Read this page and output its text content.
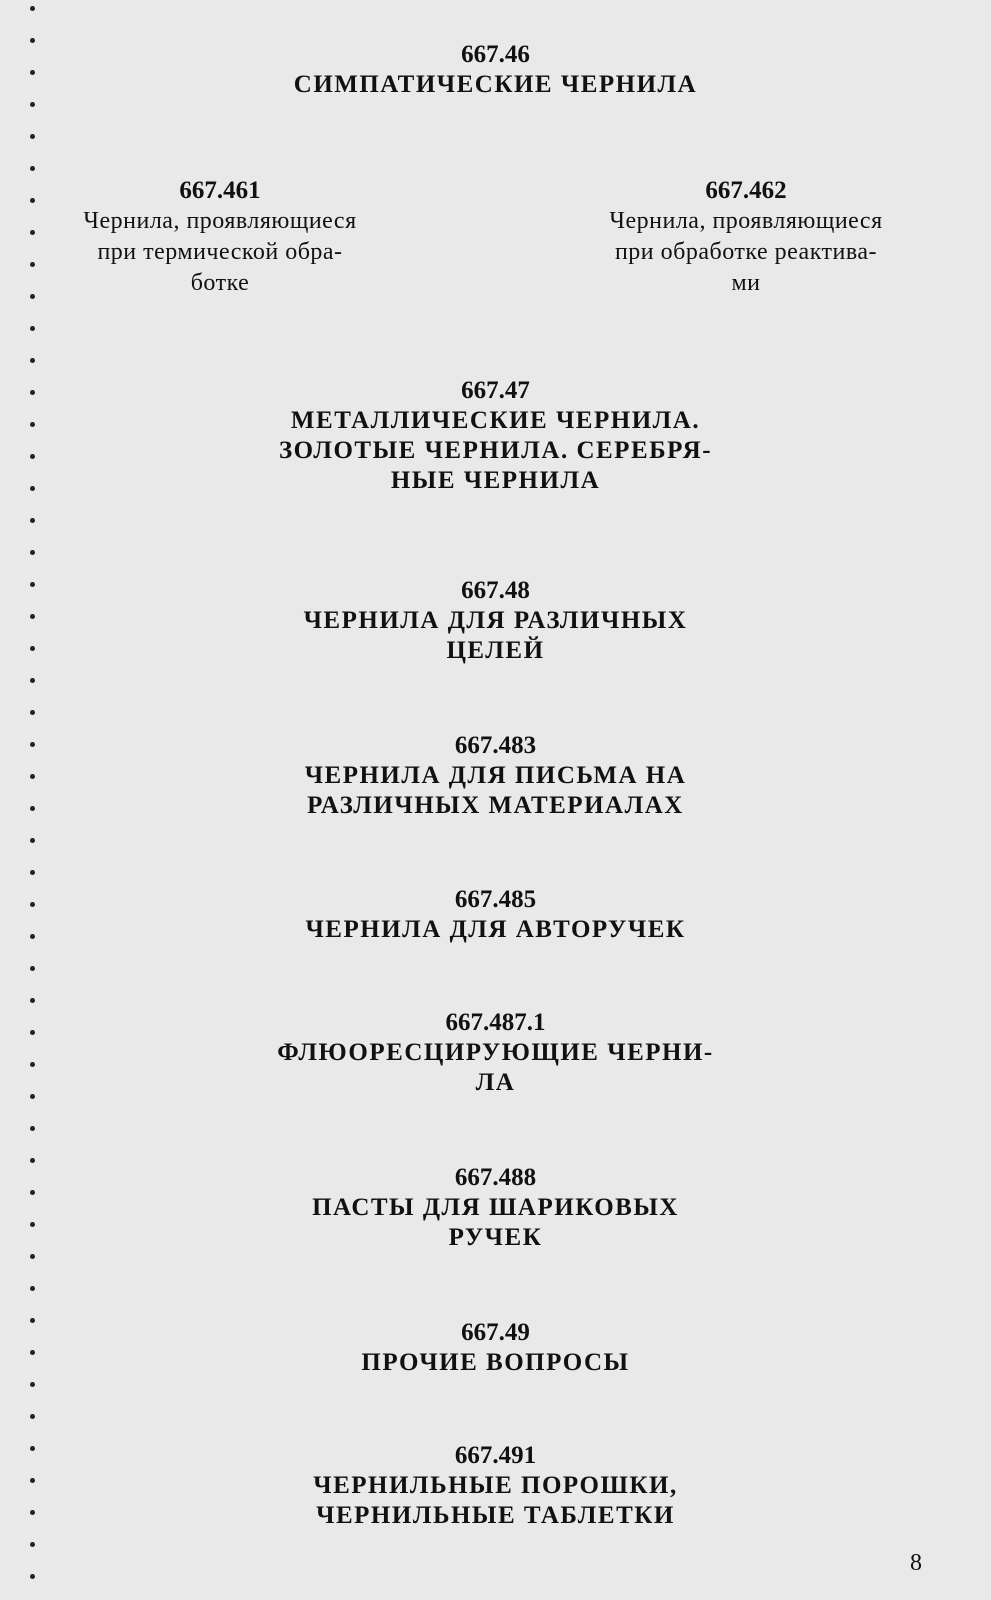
667.46
СИМПАТИЧЕСКИЕ ЧЕРНИЛА
667.461
Чернила, проявляющиеся
при термической обра-
ботке
667.462
Чернила, проявляющиеся
при обработке реактива-
ми
667.47
МЕТАЛЛИЧЕСКИЕ ЧЕРНИЛА.
ЗОЛОТЫЕ ЧЕРНИЛА. СЕРЕБРЯ-
НЫЕ ЧЕРНИЛА
667.48
ЧЕРНИЛА ДЛЯ РАЗЛИЧНЫХ
ЦЕЛЕЙ
667.483
ЧЕРНИЛА ДЛЯ ПИСЬМА НА
РАЗЛИЧНЫХ МАТЕРИАЛАХ
667.485
ЧЕРНИЛА ДЛЯ АВТОРУЧЕК
667.487.1
ФЛЮОРЕСЦИРУЮЩИЕ ЧЕРНИ-
ЛА
667.488
ПАСТЫ ДЛЯ ШАРИКОВЫХ
РУЧЕК
667.49
ПРОЧИЕ ВОПРОСЫ
667.491
ЧЕРНИЛЬНЫЕ ПОРОШКИ,
ЧЕРНИЛЬНЫЕ ТАБЛЕТКИ
8
